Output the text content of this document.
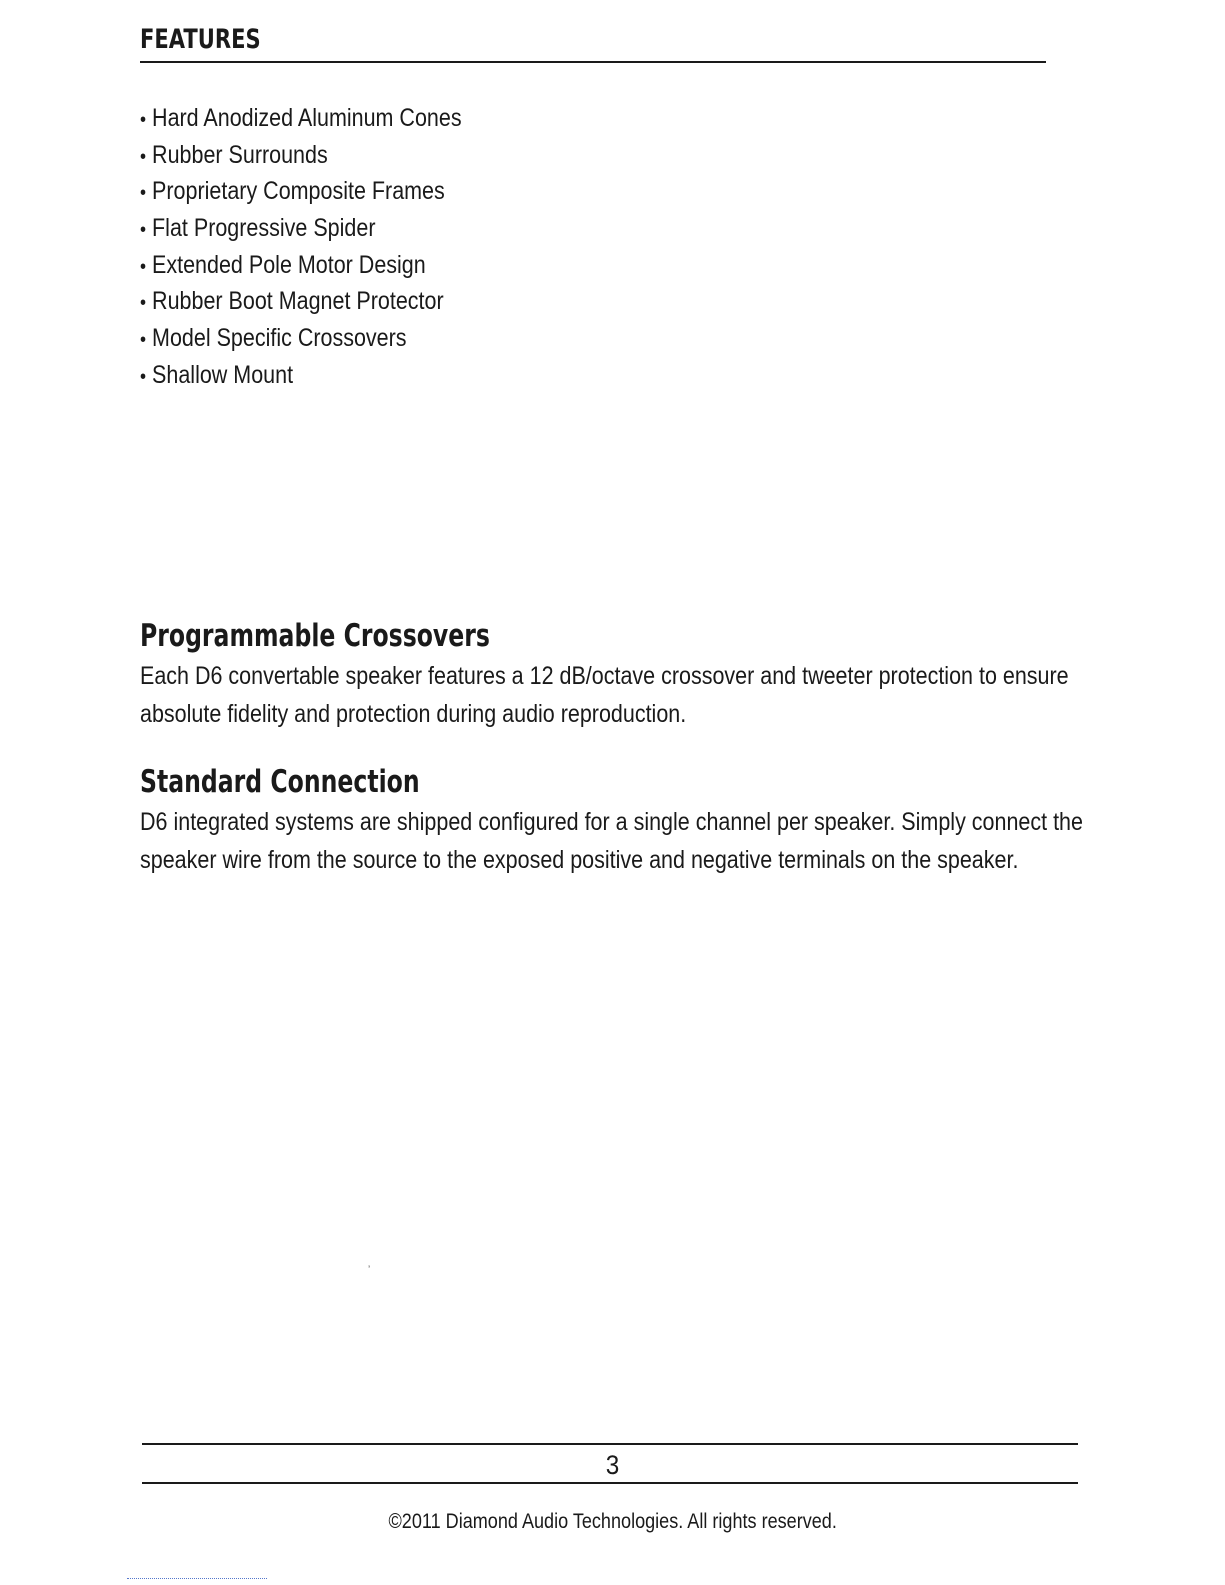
FEATURES
• Hard Anodized Aluminum Cones
• Rubber Surrounds
• Proprietary Composite Frames
• Flat Progressive Spider
• Extended Pole Motor Design
• Rubber Boot Magnet Protector
• Model Specific Crossovers
• Shallow Mount
Programmable Crossovers

Each D6 convertable speaker features a 12 dB/octave crossover and tweeter protection to ensure
absolute fidelity and protection during audio reproduction.

Standard Connection

D6 integrated systems are shipped configured for a single channel per speaker. Simply connect the
speaker wire from the source to the exposed positive and negative terminals on the speaker.

ʼ
3
©2011 Diamond Audio Technologies. All rights reserved.
